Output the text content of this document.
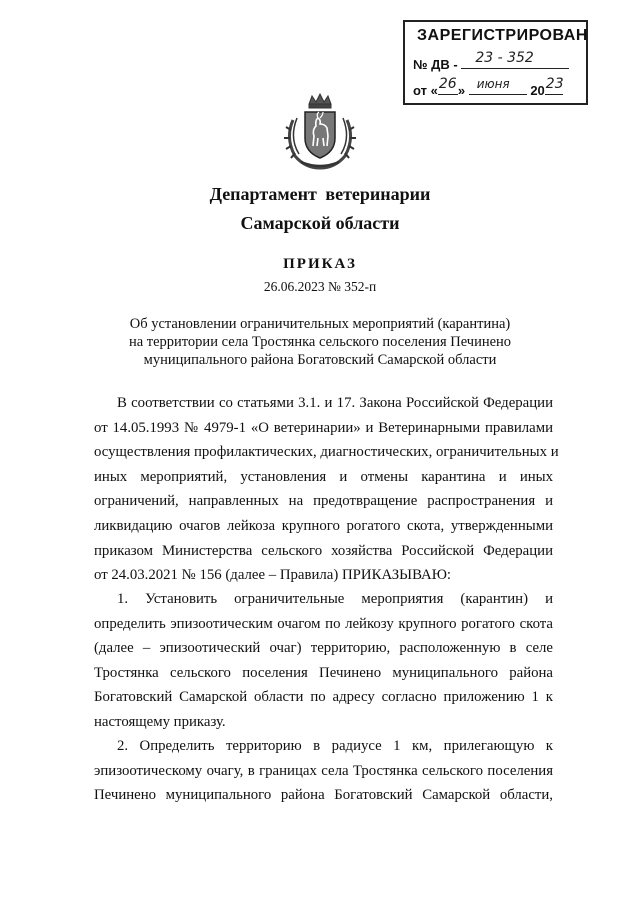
ЗАРЕГИСТРИРОВАН
№ ДВ - 23 - 352
от « 26 » июня 20 23
Департамент ветеринарии
Самарской области
ПРИКАЗ
26.06.2023 № 352-п
Об установлении ограничительных мероприятий (карантина)
на территории села Тростянка сельского поселения Печинено
муниципального района Богатовский Самарской области
В соответствии со статьями 3.1. и 17. Закона Российской Федерации
от 14.05.1993 № 4979-1 «О ветеринарии» и Ветеринарными правилами
осуществления профилактических, диагностических, ограничительных и
иных мероприятий, установления и отмены карантина и иных
ограничений, направленных на предотвращение распространения и
ликвидацию очагов лейкоза крупного рогатого скота, утвержденными
приказом Министерства сельского хозяйства Российской Федерации
от 24.03.2021 № 156 (далее – Правила) ПРИКАЗЫВАЮ:
1. Установить ограничительные мероприятия (карантин) и
определить эпизоотическим очагом по лейкозу крупного рогатого скота
(далее – эпизоотический очаг) территорию, расположенную в селе
Тростянка сельского поселения Печинено муниципального района
Богатовский Самарской области по адресу согласно приложению 1 к
настоящему приказу.
2. Определить территорию в радиусе 1 км, прилегающую к
эпизоотическому очагу, в границах села Тростянка сельского поселения
Печинено муниципального района Богатовский Самарской области,
